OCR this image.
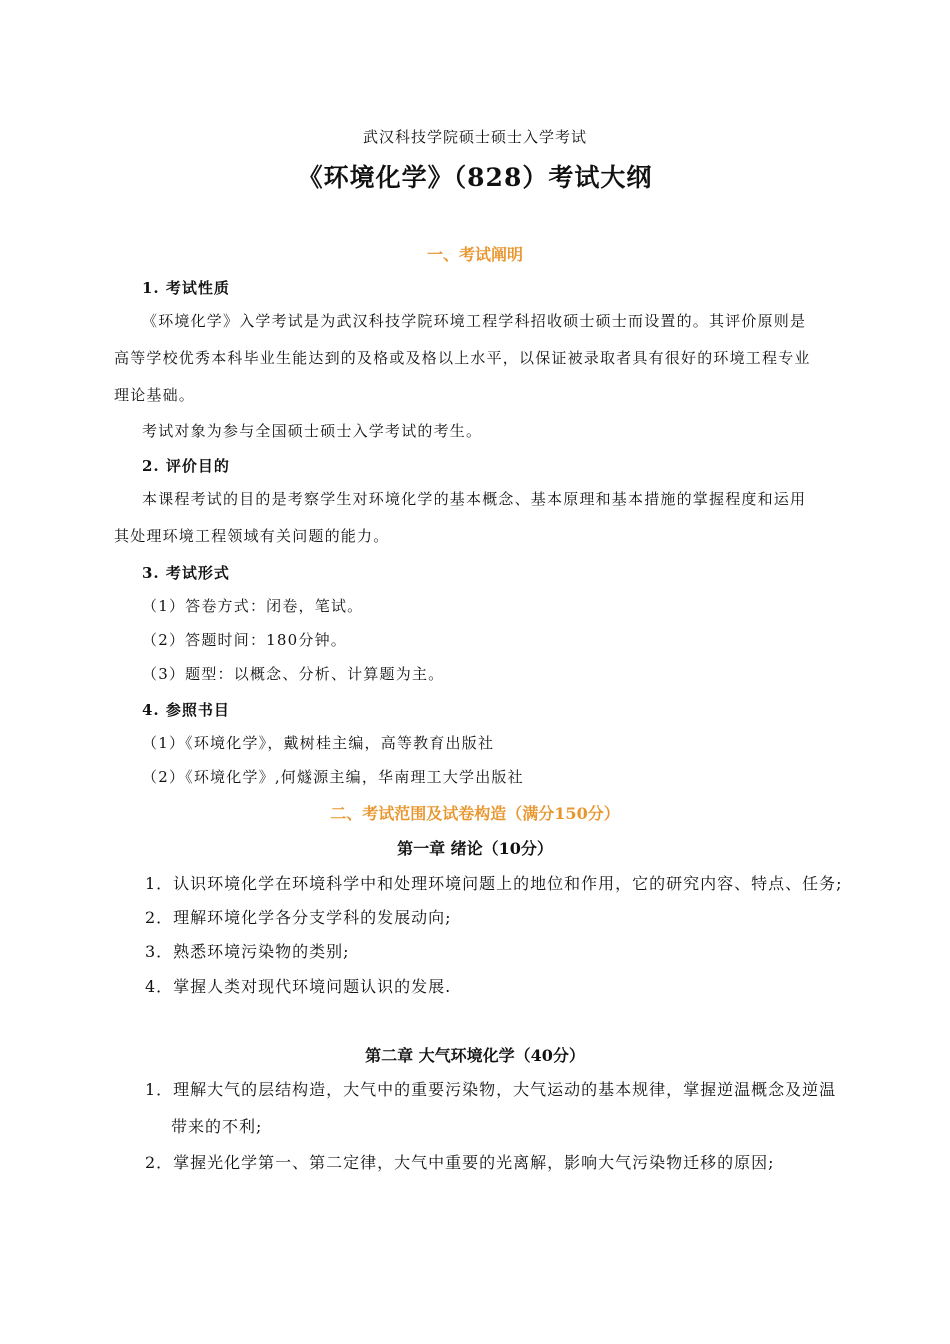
武汉科技学院硕士硕士入学考试
《环境化学》（828）考试大纲
一、考试阐明
1. 考试性质
《环境化学》入学考试是为武汉科技学院环境工程学科招收硕士硕士而设置的。其评价原则是
高等学校优秀本科毕业生能达到的及格或及格以上水平，以保证被录取者具有很好的环境工程专业
理论基础。
考试对象为参与全国硕士硕士入学考试的考生。
2. 评价目的
本课程考试的目的是考察学生对环境化学的基本概念、基本原理和基本措施的掌握程度和运用
其处理环境工程领域有关问题的能力。
3. 考试形式
（1）答卷方式：闭卷，笔试。
（2）答题时间：180分钟。
（3）题型：以概念、分析、计算题为主。
4. 参照书目
（1）《环境化学》，戴树桂主编，高等教育出版社
（2）《环境化学》,何燧源主编，华南理工大学出版社
二、考试范围及试卷构造（满分150分）
第一章 绪论（10分）
1．认识环境化学在环境科学中和处理环境问题上的地位和作用，它的研究内容、特点、任务;
2．理解环境化学各分支学科的发展动向;
3．熟悉环境污染物的类别;
4．掌握人类对现代环境问题认识的发展.
第二章 大气环境化学（40分）
1．理解大气的层结构造，大气中的重要污染物，大气运动的基本规律，掌握逆温概念及逆温
带来的不利;
2．掌握光化学第一、第二定律，大气中重要的光离解，影响大气污染物迁移的原因;
